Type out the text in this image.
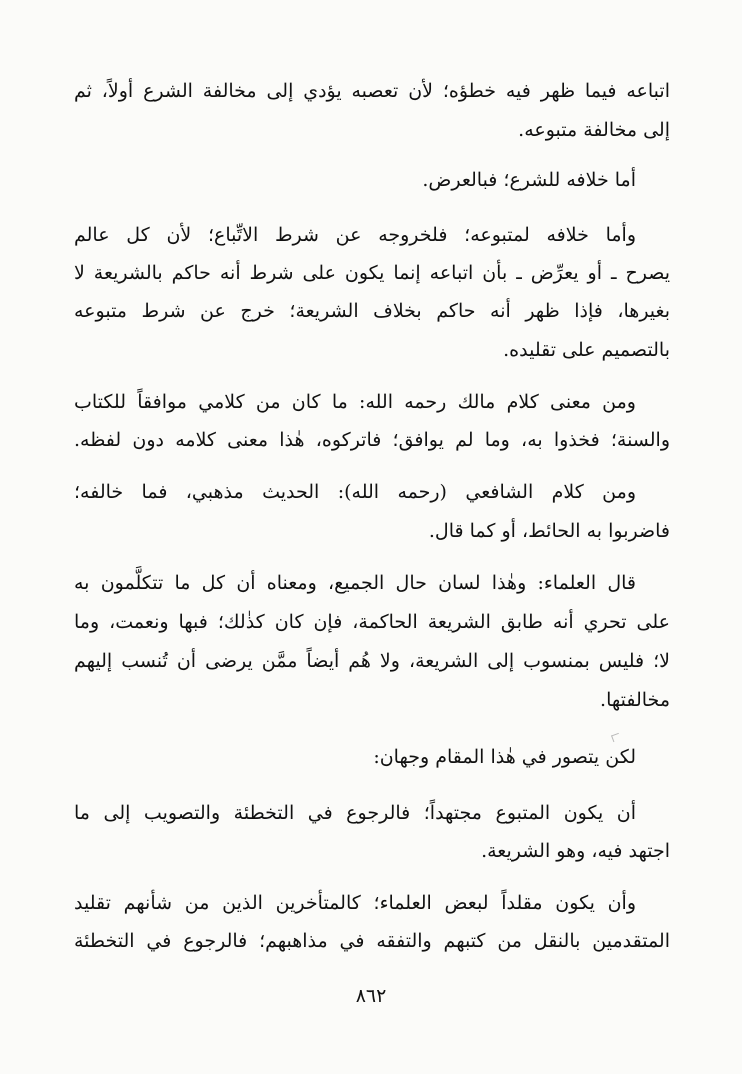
اتباعه فيما ظهر فيه خطؤه؛ لأن تعصبه يؤدي إلى مخالفة الشرع أولاً، ثم
إلى مخالفة متبوعه.
أما خلافه للشرع؛ فبالعرض.
وأما خلافه لمتبوعه؛ فلخروجه عن شرط الاتِّباع؛ لأن كل عالم
يصرح ـ أو يعرِّض ـ بأن اتباعه إنما يكون على شرط أنه حاكم بالشريعة لا
بغيرها، فإذا ظهر أنه حاكم بخلاف الشريعة؛ خرج عن شرط متبوعه
بالتصميم على تقليده.
ومن معنى كلام مالك رحمه الله: ما كان من كلامي موافقاً للكتاب
والسنة؛ فخذوا به، وما لم يوافق؛ فاتركوه، هٰذا معنى كلامه دون لفظه.
ومن كلام الشافعي (رحمه الله): الحديث مذهبي، فما خالفه؛
فاضربوا به الحائط، أو كما قال.
قال العلماء: وهٰذا لسان حال الجميع، ومعناه أن كل ما تتكلَّمون به
على تحري أنه طابق الشريعة الحاكمة، فإن كان كذٰلك؛ فبها ونعمت، وما
لا؛ فليس بمنسوب إلى الشريعة، ولا هُم أيضاً ممَّن يرضى أن تُنسب إليهم
مخالفتها.
لكن يتصور في هٰذا المقام وجهان:
أن يكون المتبوع مجتهداً؛ فالرجوع في التخطئة والتصويب إلى ما
اجتهد فيه، وهو الشريعة.
وأن يكون مقلداً لبعض العلماء؛ كالمتأخرين الذين من شأنهم تقليد
المتقدمين بالنقل من كتبهم والتفقه في مذاهبهم؛ فالرجوع في التخطئة
٨٦٢
